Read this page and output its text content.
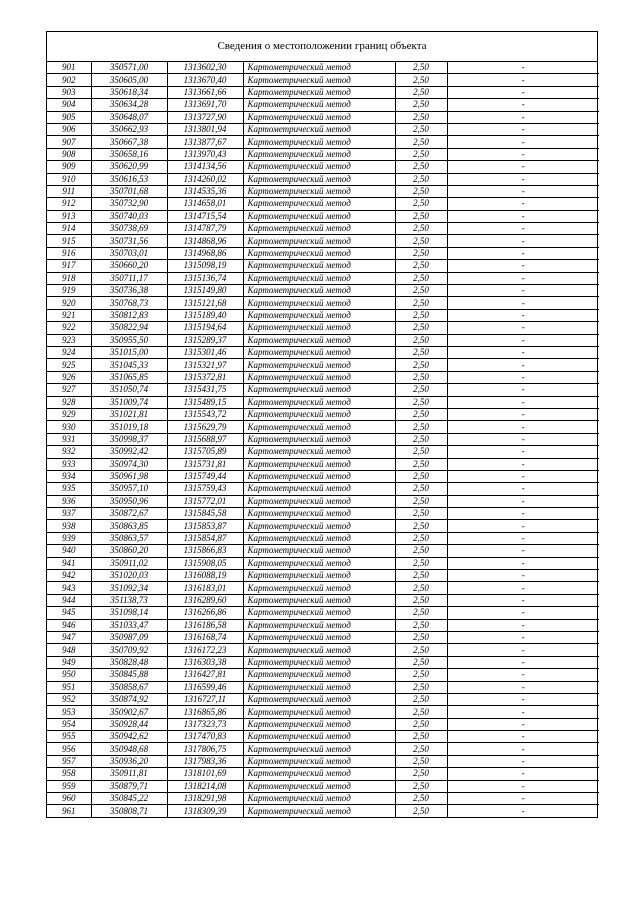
Сведения о местоположении границ объекта
901	350571,00	1313602,30	Картометрический метод	2,50	-
902	350605,00	1313670,40	Картометрический метод	2,50	-
903	350618,34	1313661,66	Картометрический метод	2,50	-
904	350634,28	1313691,70	Картометрический метод	2,50	-
905	350648,07	1313727,90	Картометрический метод	2,50	-
906	350662,93	1313801,94	Картометрический метод	2,50	-
907	350667,38	1313877,67	Картометрический метод	2,50	-
908	350658,16	1313970,43	Картометрический метод	2,50	-
909	350620,99	1314134,56	Картометрический метод	2,50	-
910	350616,53	1314260,02	Картометрический метод	2,50	-
911	350701,68	1314535,36	Картометрический метод	2,50	-
912	350732,90	1314658,01	Картометрический метод	2,50	-
913	350740,03	1314715,54	Картометрический метод	2,50	-
914	350738,69	1314787,79	Картометрический метод	2,50	-
915	350731,56	1314868,96	Картометрический метод	2,50	-
916	350703,01	1314968,86	Картометрический метод	2,50	-
917	350660,20	1315098,19	Картометрический метод	2,50	-
918	350711,17	1315136,74	Картометрический метод	2,50	-
919	350736,38	1315149,80	Картометрический метод	2,50	-
920	350768,73	1315121,68	Картометрический метод	2,50	-
921	350812,83	1315189,40	Картометрический метод	2,50	-
922	350822,94	1315194,64	Картометрический метод	2,50	-
923	350955,50	1315289,37	Картометрический метод	2,50	-
924	351015,00	1315301,46	Картометрический метод	2,50	-
925	351045,33	1315321,97	Картометрический метод	2,50	-
926	351065,85	1315372,81	Картометрический метод	2,50	-
927	351050,74	1315431,75	Картометрический метод	2,50	-
928	351009,74	1315489,15	Картометрический метод	2,50	-
929	351021,81	1315543,72	Картометрический метод	2,50	-
930	351019,18	1315629,79	Картометрический метод	2,50	-
931	350998,37	1315688,97	Картометрический метод	2,50	-
932	350992,42	1315705,89	Картометрический метод	2,50	-
933	350974,30	1315731,81	Картометрический метод	2,50	-
934	350961,98	1315749,44	Картометрический метод	2,50	-
935	350957,10	1315759,43	Картометрический метод	2,50	-
936	350950,96	1315772,01	Картометрический метод	2,50	-
937	350872,67	1315845,58	Картометрический метод	2,50	-
938	350863,85	1315853,87	Картометрический метод	2,50	-
939	350863,57	1315854,87	Картометрический метод	2,50	-
940	350860,20	1315866,83	Картометрический метод	2,50	-
941	350911,02	1315908,05	Картометрический метод	2,50	-
942	351020,03	1316088,19	Картометрический метод	2,50	-
943	351092,34	1316183,01	Картометрический метод	2,50	-
944	351138,73	1316289,60	Картометрический метод	2,50	-
945	351098,14	1316266,86	Картометрический метод	2,50	-
946	351033,47	1316186,58	Картометрический метод	2,50	-
947	350987,09	1316168,74	Картометрический метод	2,50	-
948	350709,92	1316172,23	Картометрический метод	2,50	-
949	350828,48	1316303,38	Картометрический метод	2,50	-
950	350845,88	1316427,81	Картометрический метод	2,50	-
951	350858,67	1316599,46	Картометрический метод	2,50	-
952	350874,92	1316727,11	Картометрический метод	2,50	-
953	350902,67	1316865,86	Картометрический метод	2,50	-
954	350928,44	1317323,73	Картометрический метод	2,50	-
955	350942,62	1317470,83	Картометрический метод	2,50	-
956	350948,68	1317806,75	Картометрический метод	2,50	-
957	350936,20	1317983,36	Картометрический метод	2,50	-
958	350911,81	1318101,69	Картометрический метод	2,50	-
959	350879,71	1318214,08	Картометрический метод	2,50	-
960	350845,22	1318291,98	Картометрический метод	2,50	-
961	350808,71	1318309,39	Картометрический метод	2,50	-
